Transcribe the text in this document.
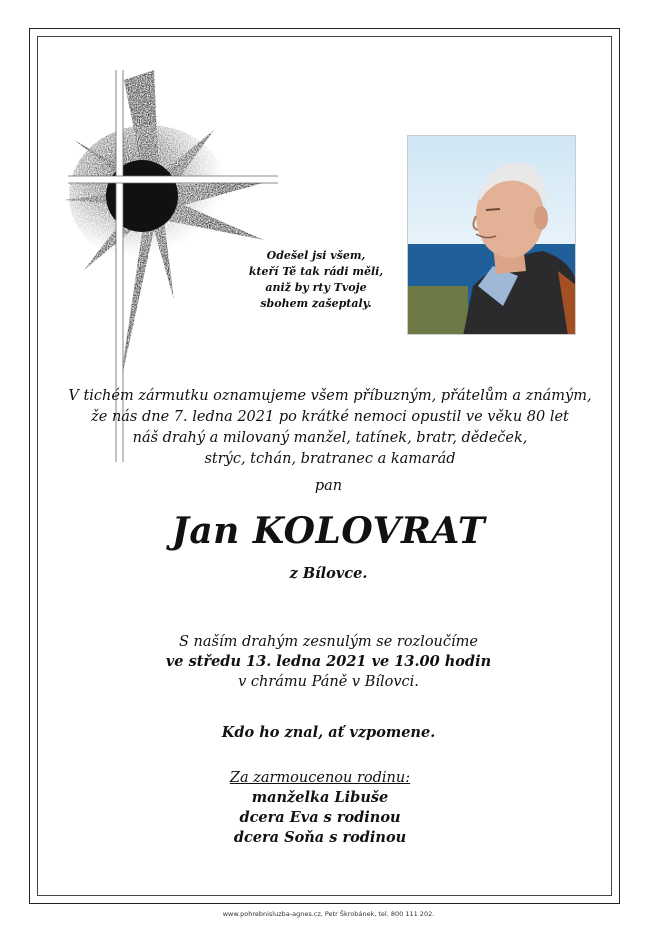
Odešel jsi všem,
kteří Tě tak rádi měli,
aniž by rty Tvoje
sbohem zašeptaly.
V tichém zármutku oznamujeme všem příbuzným, přátelům a známým,
že nás dne 7. ledna 2021 po krátké nemoci opustil ve věku 80 let
náš drahý a milovaný manžel, tatínek, bratr, dědeček,
strýc, tchán, bratranec a kamarád
pan
Jan KOLOVRAT
z Bílovce.
S naším drahým zesnulým se rozloučíme
ve středu 13. ledna 2021 ve 13.00 hodin
v chrámu Páně v Bílovci.
Kdo ho znal, ať vzpomene.
Za zarmoucenou rodinu:
manželka Libuše
dcera Eva s rodinou
dcera Soňa s rodinou
www.pohrebnisluzba-agnes.cz, Petr Škrobánek, tel. 800 111 202.
